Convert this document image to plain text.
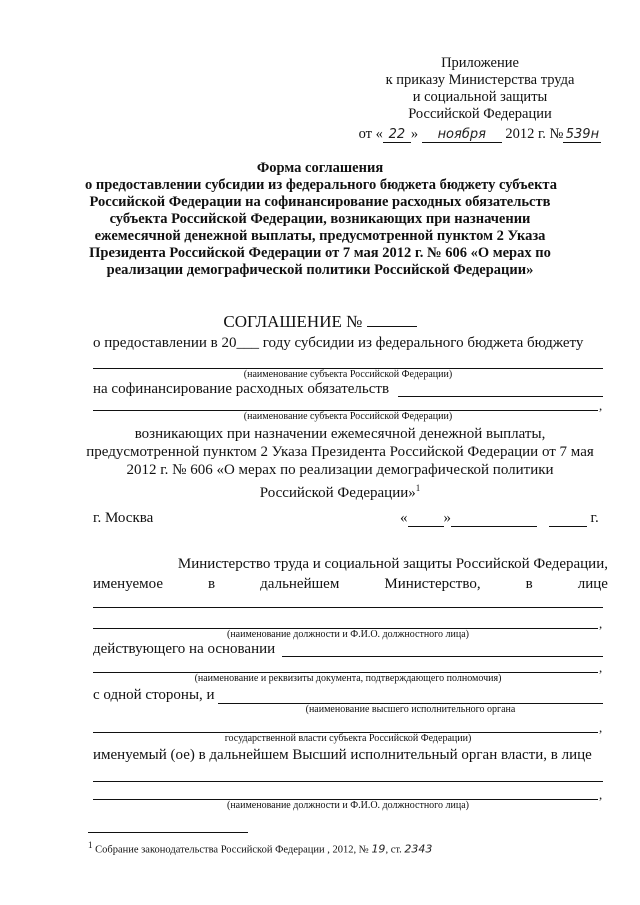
Приложение
к приказу Министерства труда
и социальной защиты
Российской Федерации
от « 22 » ноября 2012 г. № 539н
Форма соглашения
о предоставлении субсидии из федерального бюджета бюджету субъекта
Российской Федерации на софинансирование расходных обязательств
субъекта Российской Федерации, возникающих при назначении
ежемесячной денежной выплаты, предусмотренной пунктом 2 Указа
Президента Российской Федерации от 7 мая 2012 г. № 606 «О мерах по
реализации демографической политики Российской Федерации»
СОГЛАШЕНИЕ №
о предоставлении в 20___ году субсидии из федерального бюджета бюджету
(наименование субъекта Российской Федерации)
на софинансирование расходных обязательств
,
(наименование субъекта Российской Федерации)
возникающих при назначении ежемесячной денежной выплаты,
предусмотренной пунктом 2 Указа Президента Российской Федерации от 7 мая
2012 г. № 606 «О мерах по реализации демографической политики
Российской Федерации»$^1$
г. Москва	« »	г.
Министерство труда и социальной защиты Российской Федерации,
именуемое	в	дальнейшем	Министерство,	в	лице
,
(наименование должности и Ф.И.О. должностного лица)
действующего на основании
,
(наименование и реквизиты документа, подтверждающего полномочия)
с одной стороны, и
(наименование высшего исполнительного органа
,
государственной власти субъекта Российской Федерации)
именуемый (ое) в дальнейшем Высший исполнительный орган власти, в лице
,
(наименование должности и Ф.И.О. должностного лица)
$^1$ Собрание законодательства Российской Федерации , 2012, № 19, ст. 2343
